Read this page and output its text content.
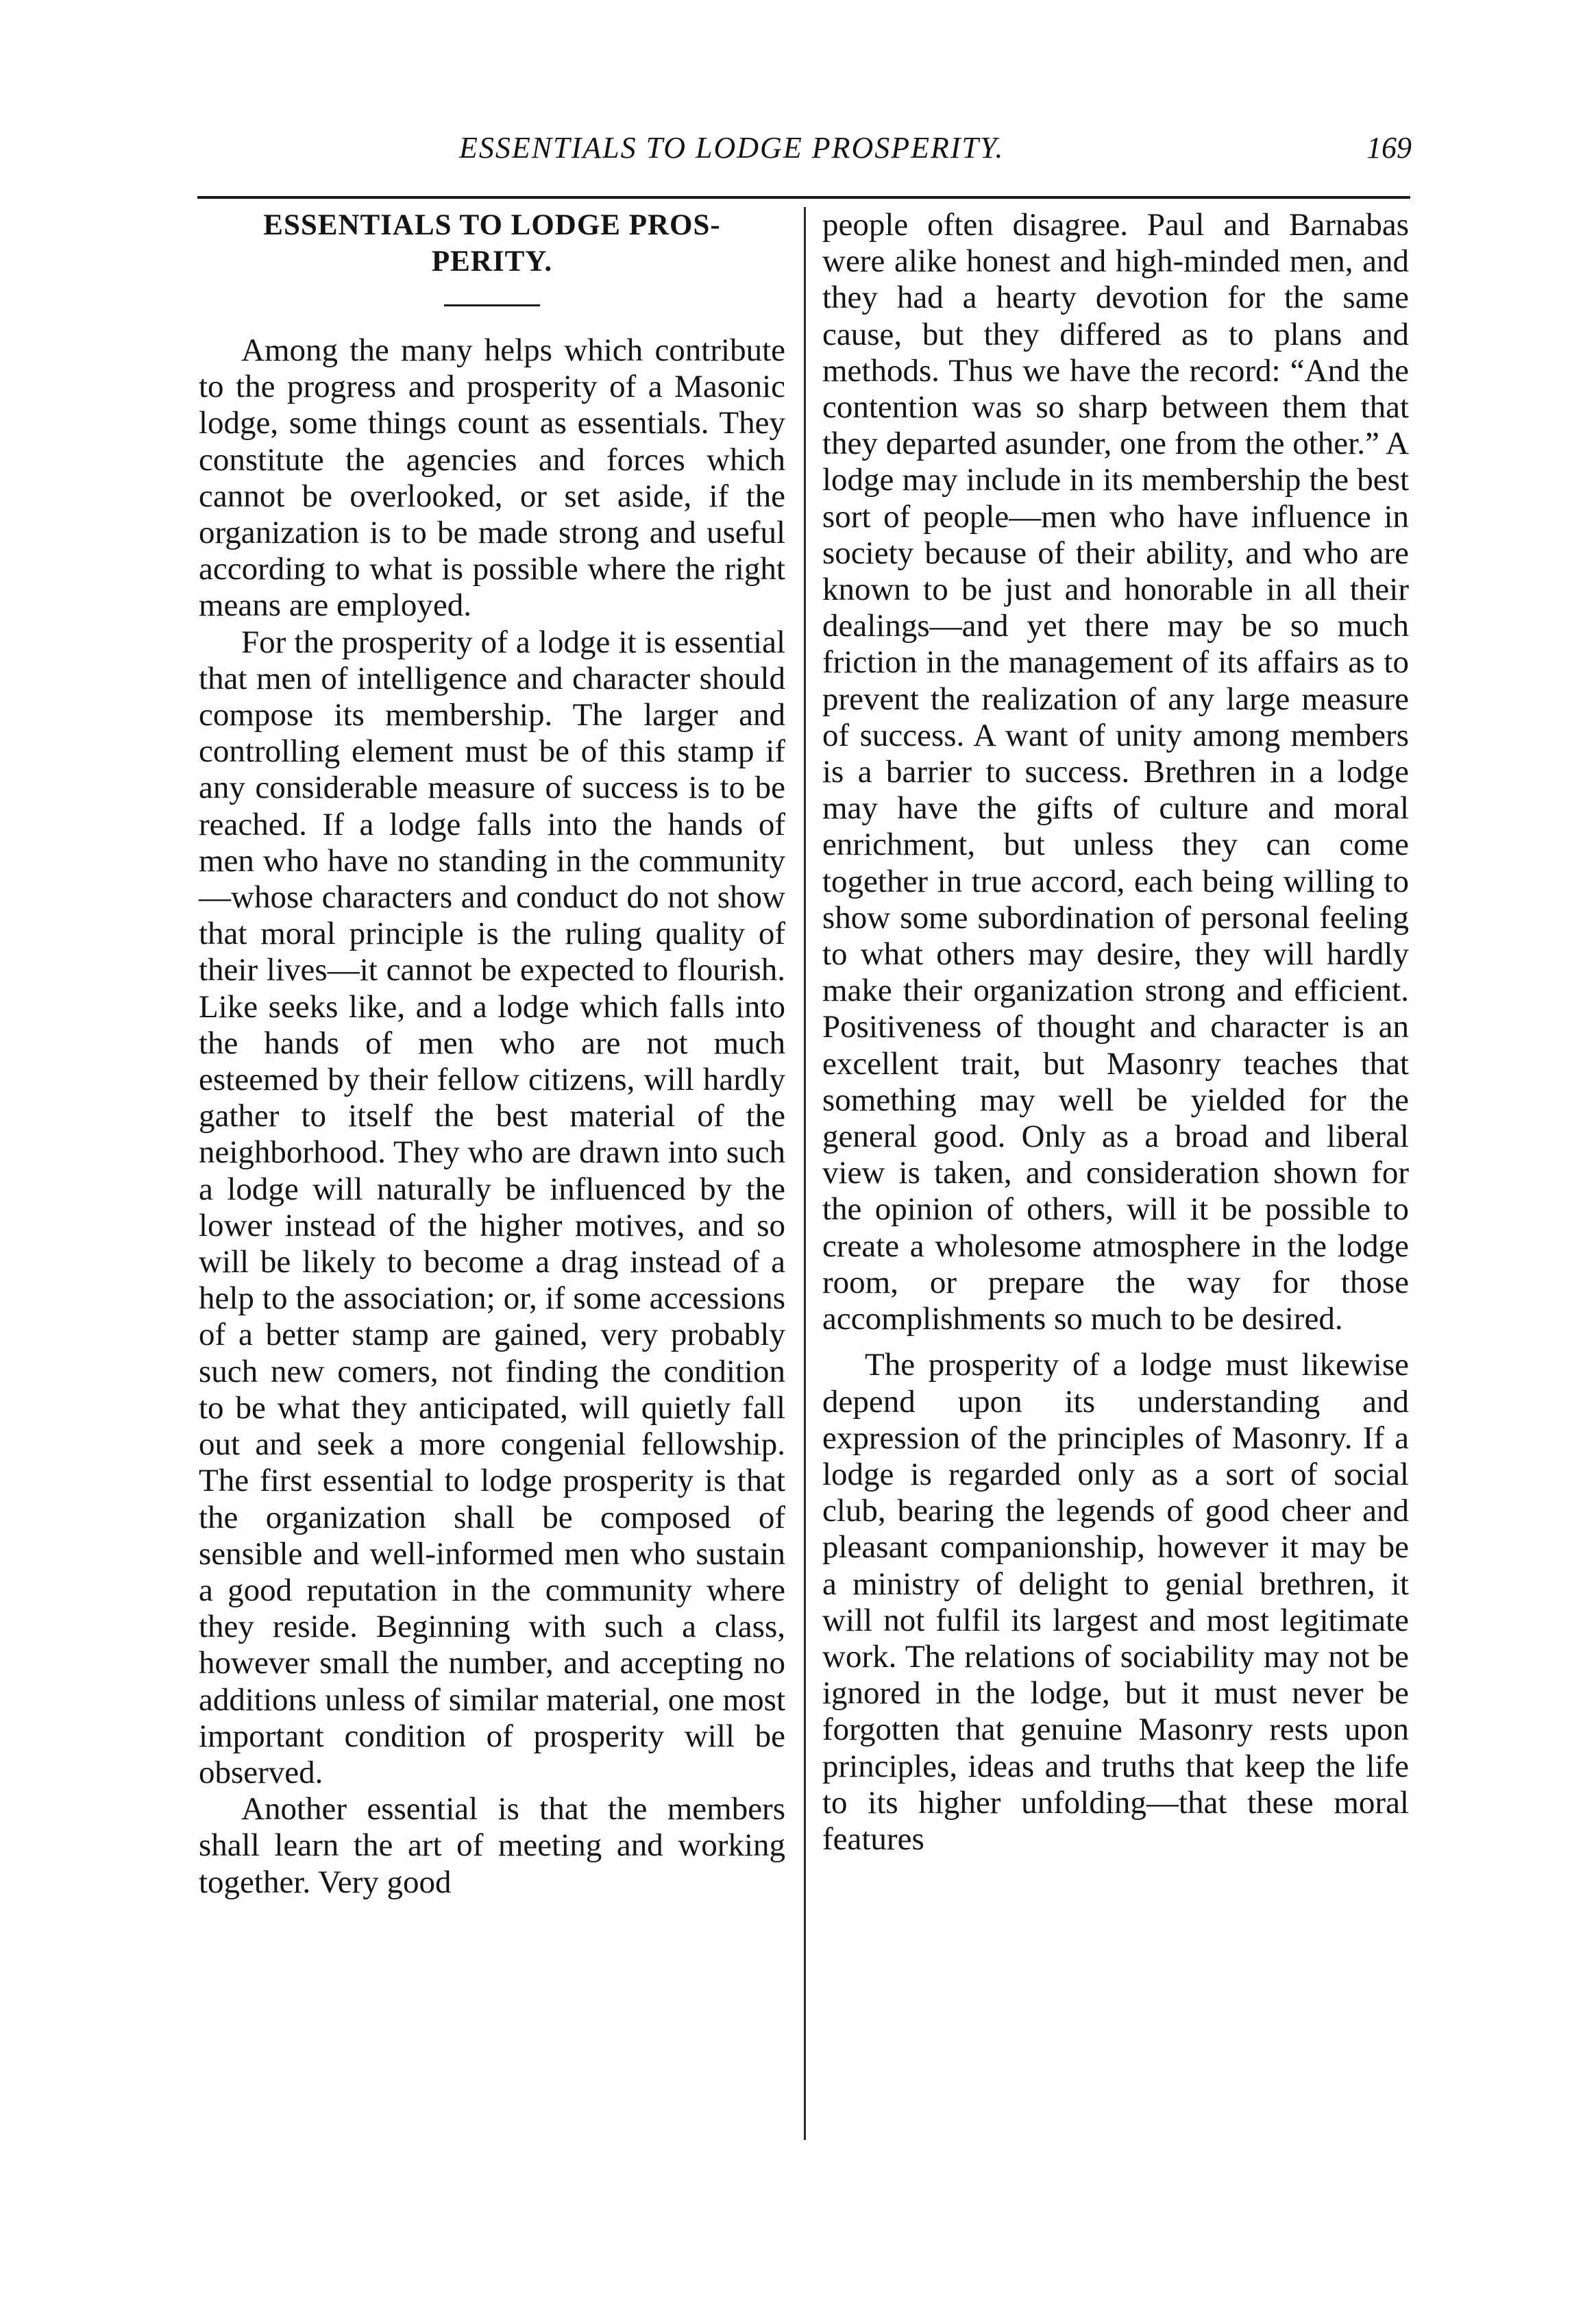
ESSENTIALS TO LODGE PROSPERITY.	169
ESSENTIALS TO LODGE PROS-PERITY.

Among the many helps which contribute to the progress and prosperity of a Masonic lodge, some things count as essentials. They constitute the agencies and forces which cannot be overlooked, or set aside, if the organization is to be made strong and useful according to what is possible where the right means are employed.

For the prosperity of a lodge it is essential that men of intelligence and character should compose its membership. The larger and controlling element must be of this stamp if any considerable measure of success is to be reached. If a lodge falls into the hands of men who have no standing in the community—whose characters and conduct do not show that moral principle is the ruling quality of their lives—it cannot be expected to flourish. Like seeks like, and a lodge which falls into the hands of men who are not much esteemed by their fellow citizens, will hardly gather to itself the best material of the neighborhood. They who are drawn into such a lodge will naturally be influenced by the lower instead of the higher motives, and so will be likely to become a drag instead of a help to the association; or, if some accessions of a better stamp are gained, very probably such new comers, not finding the condition to be what they anticipated, will quietly fall out and seek a more congenial fellowship. The first essential to lodge prosperity is that the organization shall be composed of sensible and well-informed men who sustain a good reputation in the community where they reside. Beginning with such a class, however small the number, and accepting no additions unless of similar material, one most important condition of prosperity will be observed.

Another essential is that the members shall learn the art of meeting and working together. Very good

people often disagree. Paul and Barnabas were alike honest and high-minded men, and they had a hearty devotion for the same cause, but they differed as to plans and methods. Thus we have the record: “And the contention was so sharp between them that they departed asunder, one from the other.” A lodge may include in its membership the best sort of people—men who have influence in society because of their ability, and who are known to be just and honorable in all their dealings—and yet there may be so much friction in the management of its affairs as to prevent the realization of any large measure of success. A want of unity among members is a barrier to success. Brethren in a lodge may have the gifts of culture and moral enrichment, but unless they can come together in true accord, each being willing to show some subordination of personal feeling to what others may desire, they will hardly make their organization strong and efficient. Positiveness of thought and character is an excellent trait, but Masonry teaches that something may well be yielded for the general good. Only as a broad and liberal view is taken, and consideration shown for the opinion of others, will it be possible to create a wholesome atmosphere in the lodge room, or prepare the way for those accomplishments so much to be desired.

The prosperity of a lodge must likewise depend upon its understanding and expression of the principles of Masonry. If a lodge is regarded only as a sort of social club, bearing the legends of good cheer and pleasant companionship, however it may be a ministry of delight to genial brethren, it will not fulfil its largest and most legitimate work. The relations of sociability may not be ignored in the lodge, but it must never be forgotten that genuine Masonry rests upon principles, ideas and truths that keep the life to its higher unfolding—that these moral features
